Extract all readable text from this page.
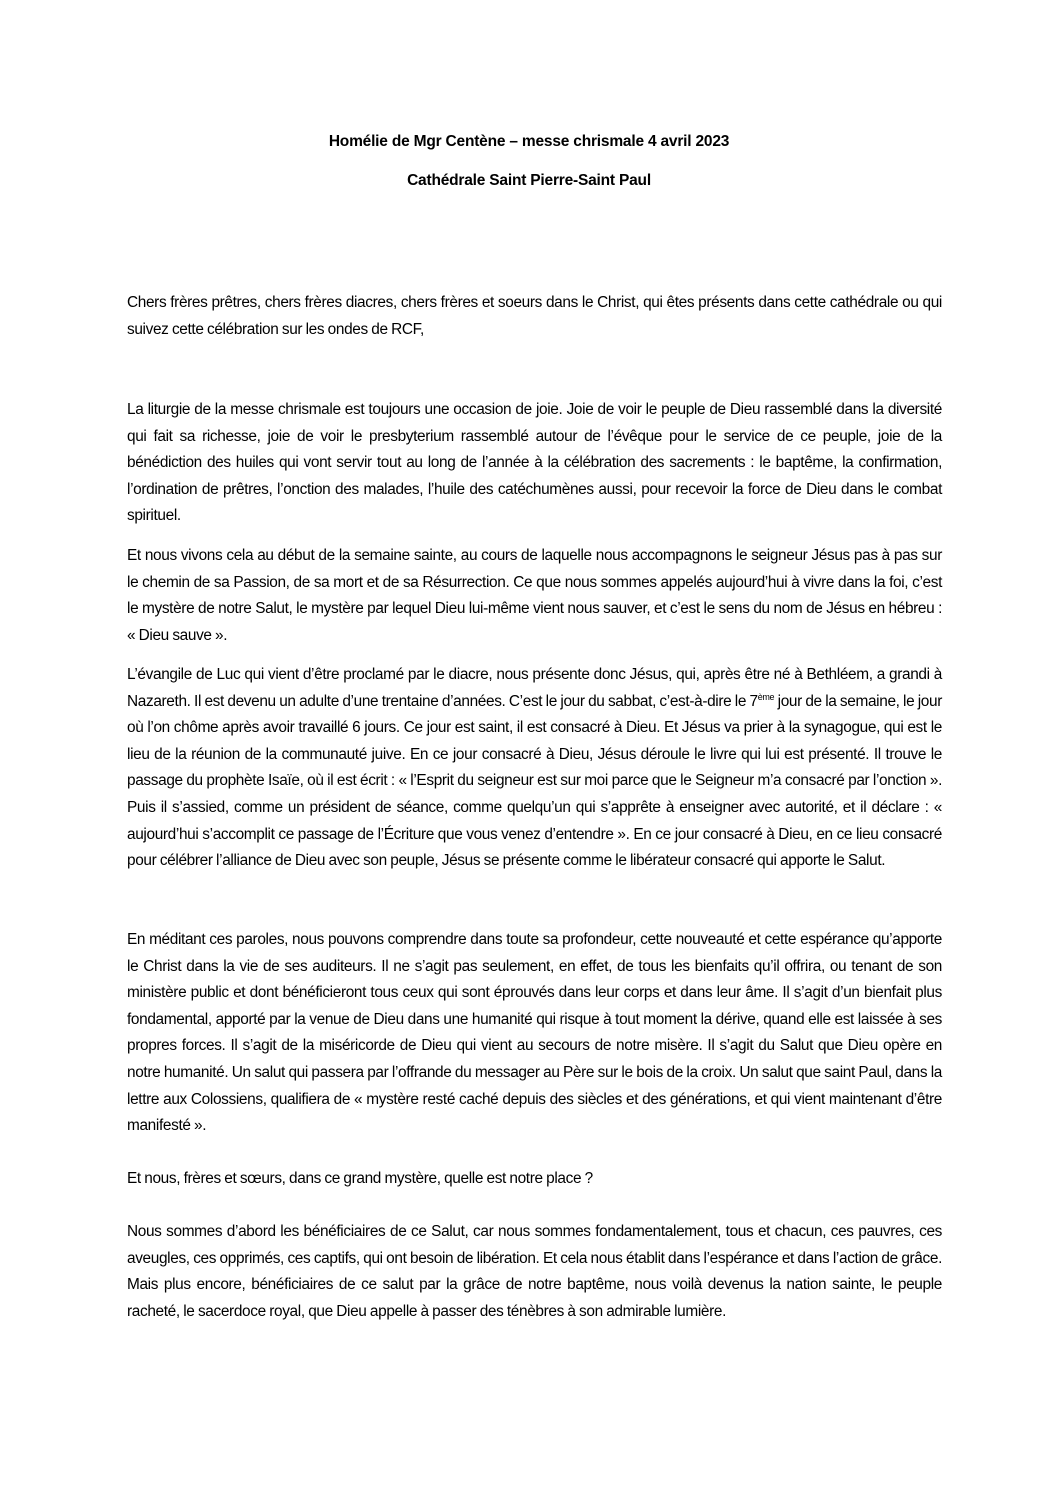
Homélie de Mgr Centène – messe chrismale 4 avril 2023
Cathédrale Saint Pierre-Saint Paul

Chers frères prêtres, chers frères diacres, chers frères et soeurs dans le Christ, qui êtes présents dans cette cathédrale ou qui suivez cette célébration sur les ondes de RCF,

La liturgie de la messe chrismale est toujours une occasion de joie. Joie de voir le peuple de Dieu rassemblé dans la diversité qui fait sa richesse, joie de voir le presbyterium rassemblé autour de l’évêque pour le service de ce peuple, joie de la bénédiction des huiles qui vont servir tout au long de l’année à la célébration des sacrements : le baptême, la confirmation, l’ordination de prêtres, l’onction des malades, l’huile des catéchumènes aussi, pour recevoir la force de Dieu dans le combat spirituel.

Et nous vivons cela au début de la semaine sainte, au cours de laquelle nous accompagnons le seigneur Jésus pas à pas sur le chemin de sa Passion, de sa mort et de sa Résurrection. Ce que nous sommes appelés aujourd’hui à vivre dans la foi, c’est le mystère de notre Salut, le mystère par lequel Dieu lui-même vient nous sauver, et c’est le sens du nom de Jésus en hébreu : « Dieu sauve ».

L’évangile de Luc qui vient d’être proclamé par le diacre, nous présente donc Jésus, qui, après être né à Bethléem, a grandi à Nazareth. Il est devenu un adulte d’une trentaine d’années. C’est le jour du sabbat, c’est-à-dire le 7ème jour de la semaine, le jour où l’on chôme après avoir travaillé 6 jours. Ce jour est saint, il est consacré à Dieu. Et Jésus va prier à la synagogue, qui est le lieu de la réunion de la communauté juive. En ce jour consacré à Dieu, Jésus déroule le livre qui lui est présenté. Il trouve le passage du prophète Isaïe, où il est écrit : « l’Esprit du seigneur est sur moi parce que le Seigneur m’a consacré par l’onction ». Puis il s’assied, comme un président de séance, comme quelqu’un qui s’apprête à enseigner avec autorité, et il déclare : « aujourd’hui s’accomplit ce passage de l’Écriture que vous venez d’entendre ». En ce jour consacré à Dieu, en ce lieu consacré pour célébrer l’alliance de Dieu avec son peuple, Jésus se présente comme le libérateur consacré qui apporte le Salut.

En méditant ces paroles, nous pouvons comprendre dans toute sa profondeur, cette nouveauté et cette espérance qu’apporte le Christ dans la vie de ses auditeurs. Il ne s’agit pas seulement, en effet, de tous les bienfaits qu’il offrira, ou tenant de son ministère public et dont bénéficieront tous ceux qui sont éprouvés dans leur corps et dans leur âme. Il s’agit d’un bienfait plus fondamental, apporté par la venue de Dieu dans une humanité qui risque à tout moment la dérive, quand elle est laissée à ses propres forces. Il s’agit de la miséricorde de Dieu qui vient au secours de notre misère. Il s’agit du Salut que Dieu opère en notre humanité. Un salut qui passera par l’offrande du messager au Père sur le bois de la croix. Un salut que saint Paul, dans la lettre aux Colossiens, qualifiera de « mystère resté caché depuis des siècles et des générations, et qui vient maintenant d’être manifesté ».

Et nous, frères et sœurs, dans ce grand mystère, quelle est notre place ?

Nous sommes d’abord les bénéficiaires de ce Salut, car nous sommes fondamentalement, tous et chacun, ces pauvres, ces aveugles, ces opprimés, ces captifs, qui ont besoin de libération. Et cela nous établit dans l’espérance et dans l’action de grâce. Mais plus encore, bénéficiaires de ce salut par la grâce de notre baptême, nous voilà devenus la nation sainte, le peuple racheté, le sacerdoce royal, que Dieu appelle à passer des ténèbres à son admirable lumière.
